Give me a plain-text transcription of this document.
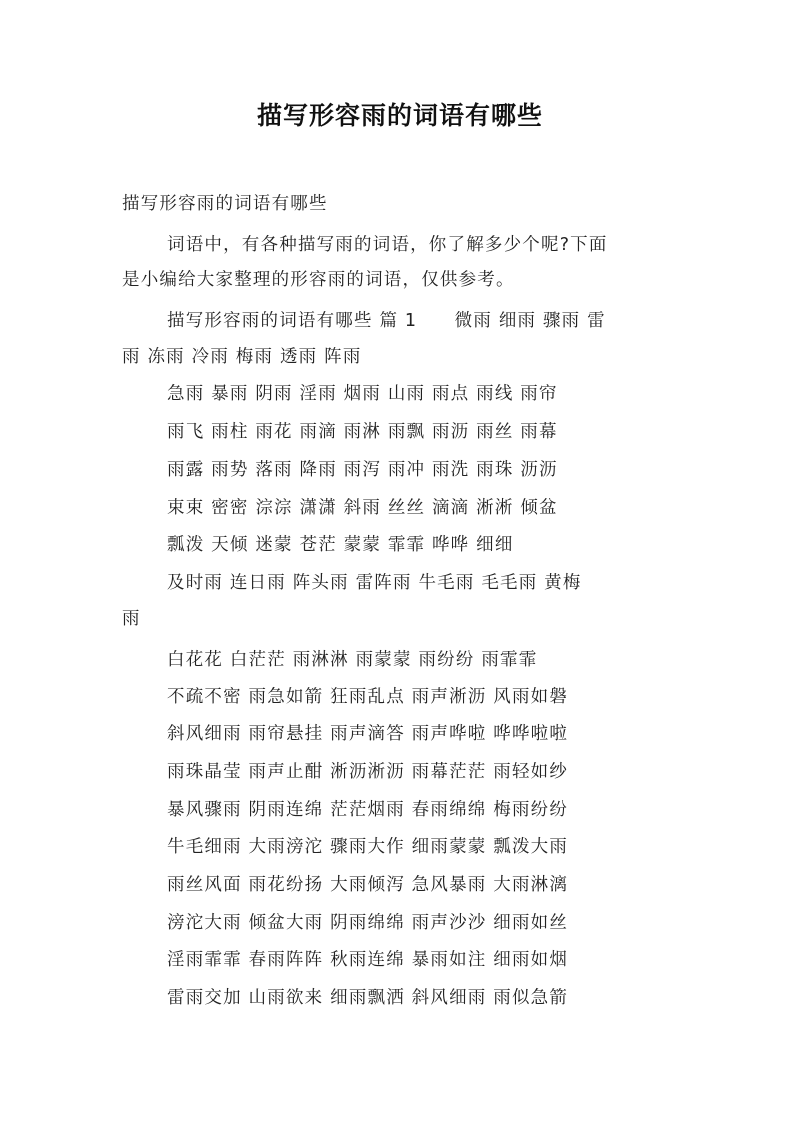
描写形容雨的词语有哪些
描写形容雨的词语有哪些
词语中，有各种描写雨的词语，你了解多少个呢?下面
是小编给大家整理的形容雨的词语，仅供参考。
描写形容雨的词语有哪些 篇 1　　微雨 细雨 骤雨 雷
雨 冻雨 冷雨 梅雨 透雨 阵雨
急雨 暴雨 阴雨 淫雨 烟雨 山雨 雨点 雨线 雨帘
雨飞 雨柱 雨花 雨滴 雨淋 雨飘 雨沥 雨丝 雨幕
雨露 雨势 落雨 降雨 雨泻 雨冲 雨洗 雨珠 沥沥
束束 密密 淙淙 潇潇 斜雨 丝丝 滴滴 淅淅 倾盆
瓢泼 天倾 迷蒙 苍茫 蒙蒙 霏霏 哗哗 细细
及时雨 连日雨 阵头雨 雷阵雨 牛毛雨 毛毛雨 黄梅
雨
白花花 白茫茫 雨淋淋 雨蒙蒙 雨纷纷 雨霏霏
不疏不密 雨急如箭 狂雨乱点 雨声淅沥 风雨如磐
斜风细雨 雨帘悬挂 雨声滴答 雨声哗啦 哗哗啦啦
雨珠晶莹 雨声止酣 淅沥淅沥 雨幕茫茫 雨轻如纱
暴风骤雨 阴雨连绵 茫茫烟雨 春雨绵绵 梅雨纷纷
牛毛细雨 大雨滂沱 骤雨大作 细雨蒙蒙 瓢泼大雨
雨丝风面 雨花纷扬 大雨倾泻 急风暴雨 大雨淋漓
滂沱大雨 倾盆大雨 阴雨绵绵 雨声沙沙 细雨如丝
淫雨霏霏 春雨阵阵 秋雨连绵 暴雨如注 细雨如烟
雷雨交加 山雨欲来 细雨飘洒 斜风细雨 雨似急箭
